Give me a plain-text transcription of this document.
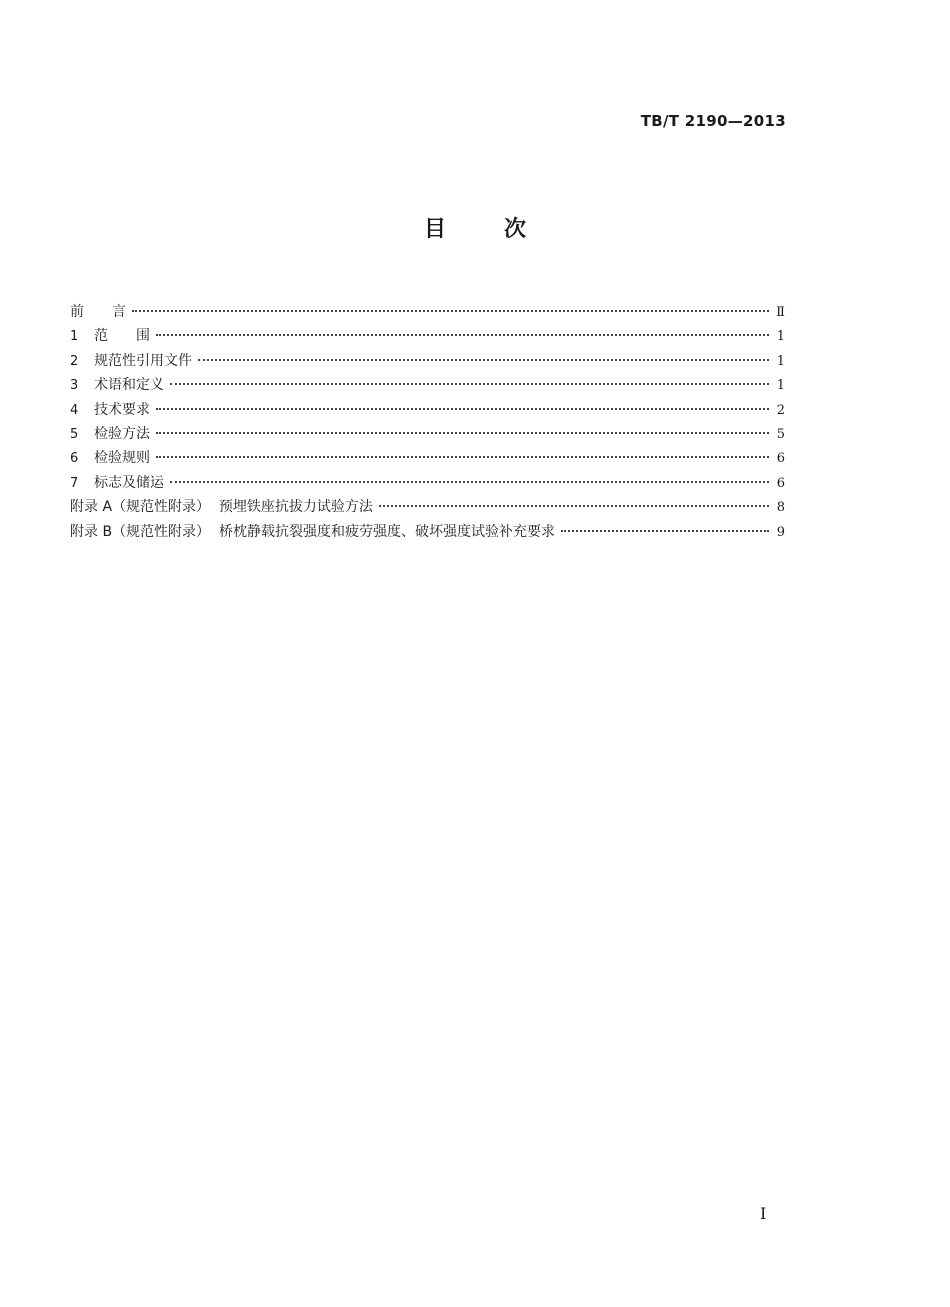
TB/T 2190—2013
目次
前　　言	Ⅱ
1	范　　围	1
2	规范性引用文件	1
3	术语和定义	1
4	技术要求	2
5	检验方法	5
6	检验规则	6
7	标志及储运	6
附录 A（规范性附录）  预埋铁座抗拔力试验方法	8
附录 B（规范性附录）  桥枕静载抗裂强度和疲劳强度、破坏强度试验补充要求	9
I
